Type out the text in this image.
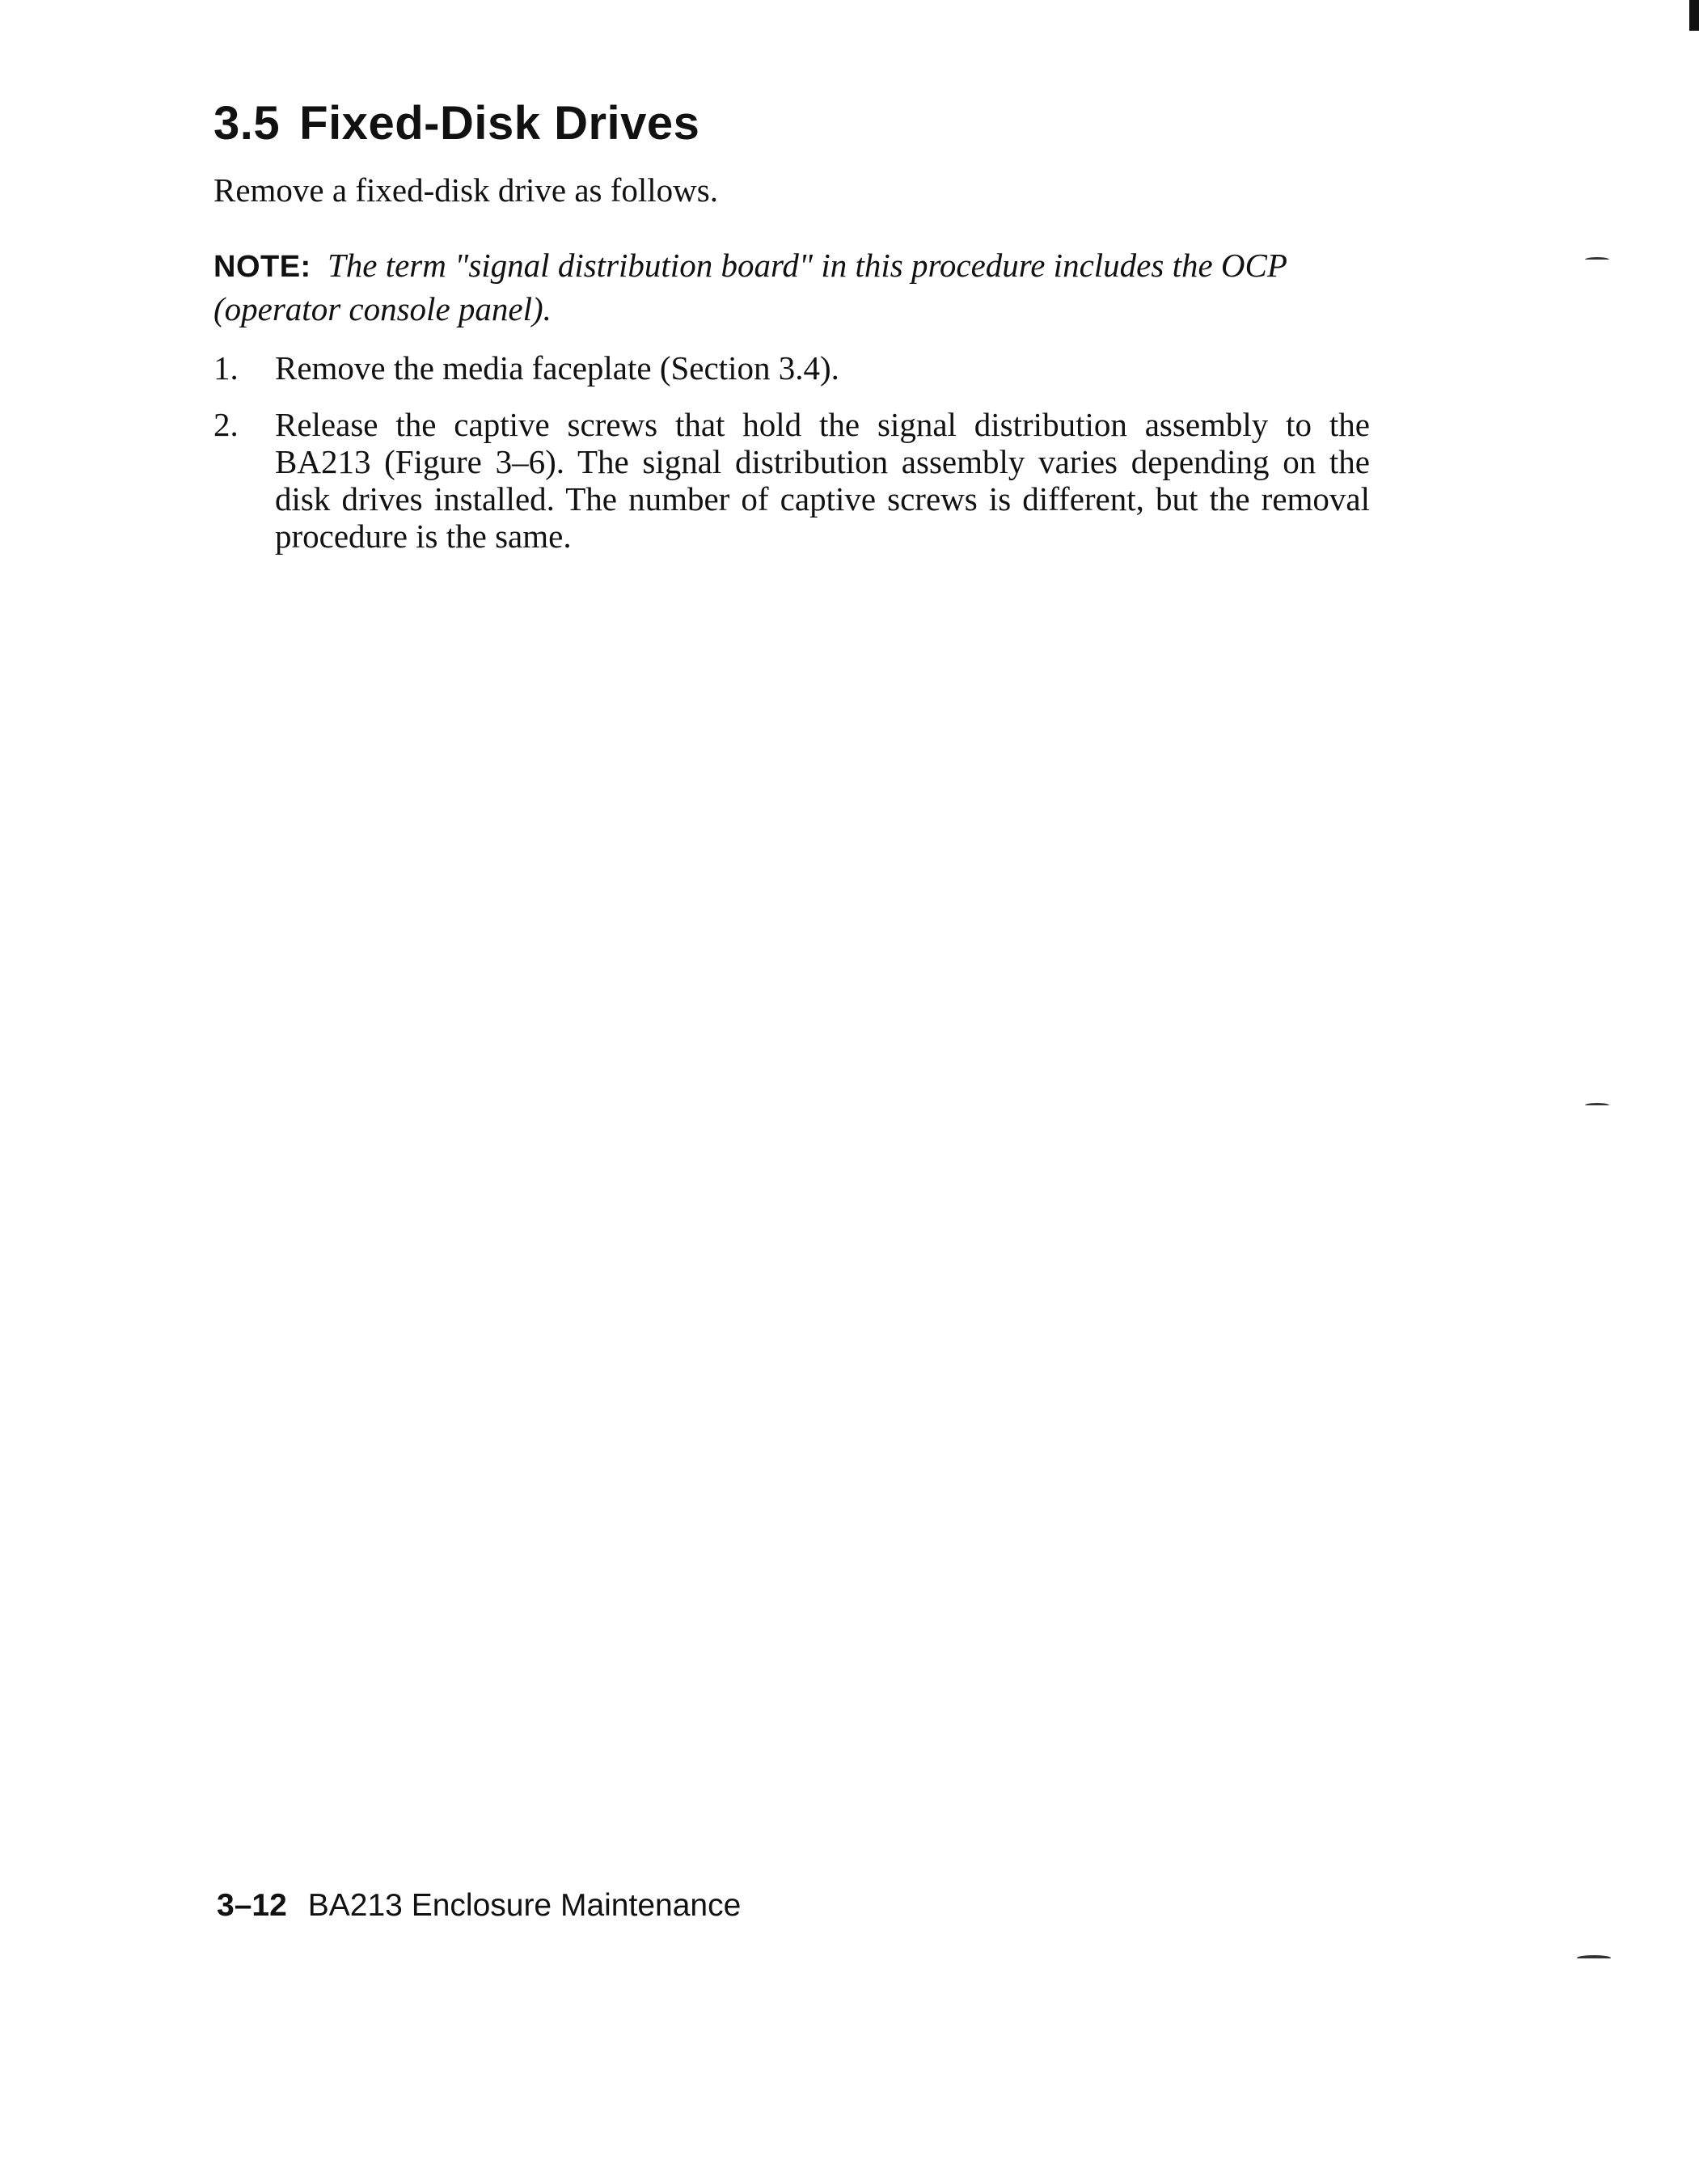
3.5 Fixed-Disk Drives

Remove a fixed-disk drive as follows.

NOTE: The term "signal distribution board" in this procedure includes the OCP (operator console panel).

1. Remove the media faceplate (Section 3.4).
2. Release the captive screws that hold the signal distribution assembly to the BA213 (Figure 3–6). The signal distribution assembly varies depending on the disk drives installed. The number of captive screws is different, but the removal procedure is the same.

3–12 BA213 Enclosure Maintenance
